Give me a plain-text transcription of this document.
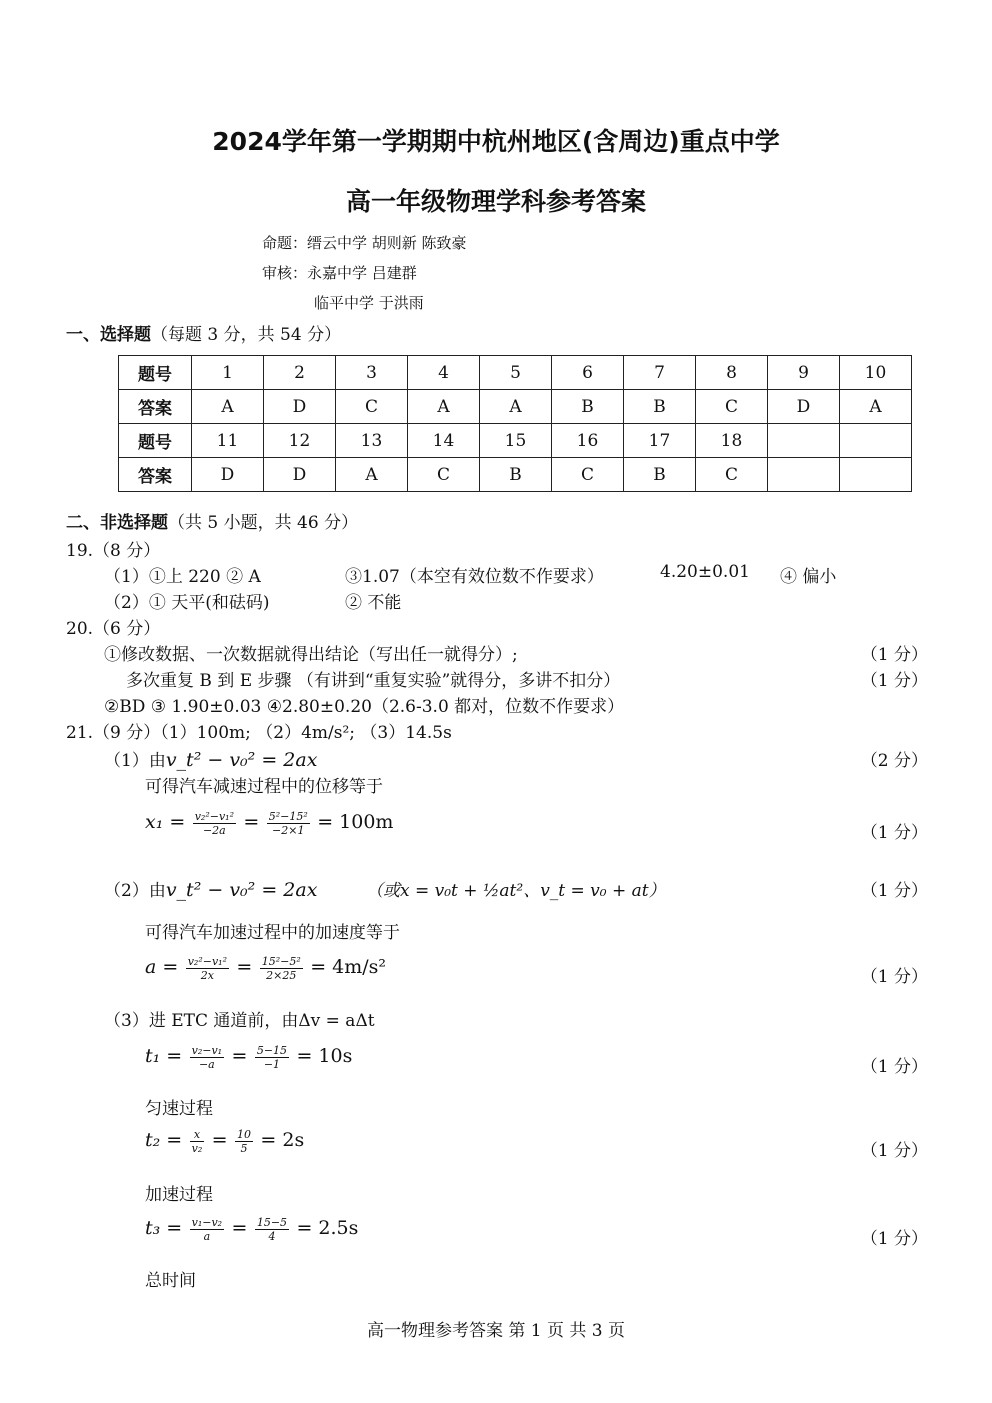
2024学年第一学期期中杭州地区(含周边)重点中学
高一年级物理学科参考答案
命题：缙云中学 胡则新 陈致豪
审核：永嘉中学 吕建群
临平中学 于洪雨
一、选择题（每题 3 分，共 54 分）
题号	1	2	3	4	5	6	7	8	9	10
答案	A	D	C	A	A	B	B	C	D	A
题号	11	12	13	14	15	16	17	18		
答案	D	D	A	C	B	C	B	C		
二、非选择题（共 5 小题，共 46 分）
19.（8 分）
（1）①上 220 ② A	③1.07（本空有效位数不作要求）	4.20±0.01 ④ 偏小
（2）① 天平(和砝码)	② 不能
20.（6 分）
①修改数据、一次数据就得出结论（写出任一就得分）;	（1 分）
多次重复 B 到 E 步骤 （有讲到“重复实验”就得分，多讲不扣分）	（1 分）
②BD ③ 1.90±0.03 ④2.80±0.20（2.6-3.0 都对，位数不作要求）
21.（9 分）（1）100m; （2）4m/s²; （3）14.5s
（1）由v_t² − v₀² = 2ax	（2 分）
可得汽车减速过程中的位移等于
$x_1 = \frac{\text{v₂²−v₁²}}{-2a} = \frac{\text{5²−15²}}{-2\times 1} = 100m$	（1 分）
（2）由v_t² − v₀² = 2ax	（或x = v₀t + ½at²、v_t = v₀ + at）	（1 分）
可得汽车加速过程中的加速度等于
$a = \frac{\text{v₂²−v₁²}}{2x} = \frac{\text{15²−5²}}{2\times 25} = 4m/s^2$	（1 分）
（3）进 ETC 通道前，由Δv = aΔt
$t_1 = \frac{\text{v₂−v₁}}{-a} = \frac{5-15}{-1} = 10s$	（1 分）
匀速过程
$t_2 = \frac{x}{\text{v₂}} = \frac{10}{5} = 2s$	（1 分）
加速过程
$t_3 = \frac{\text{v₁−v₂}}{a} = \frac{15-5}{4} = 2.5s$	（1 分）
总时间
高一物理参考答案 第 1 页 共 3 页
